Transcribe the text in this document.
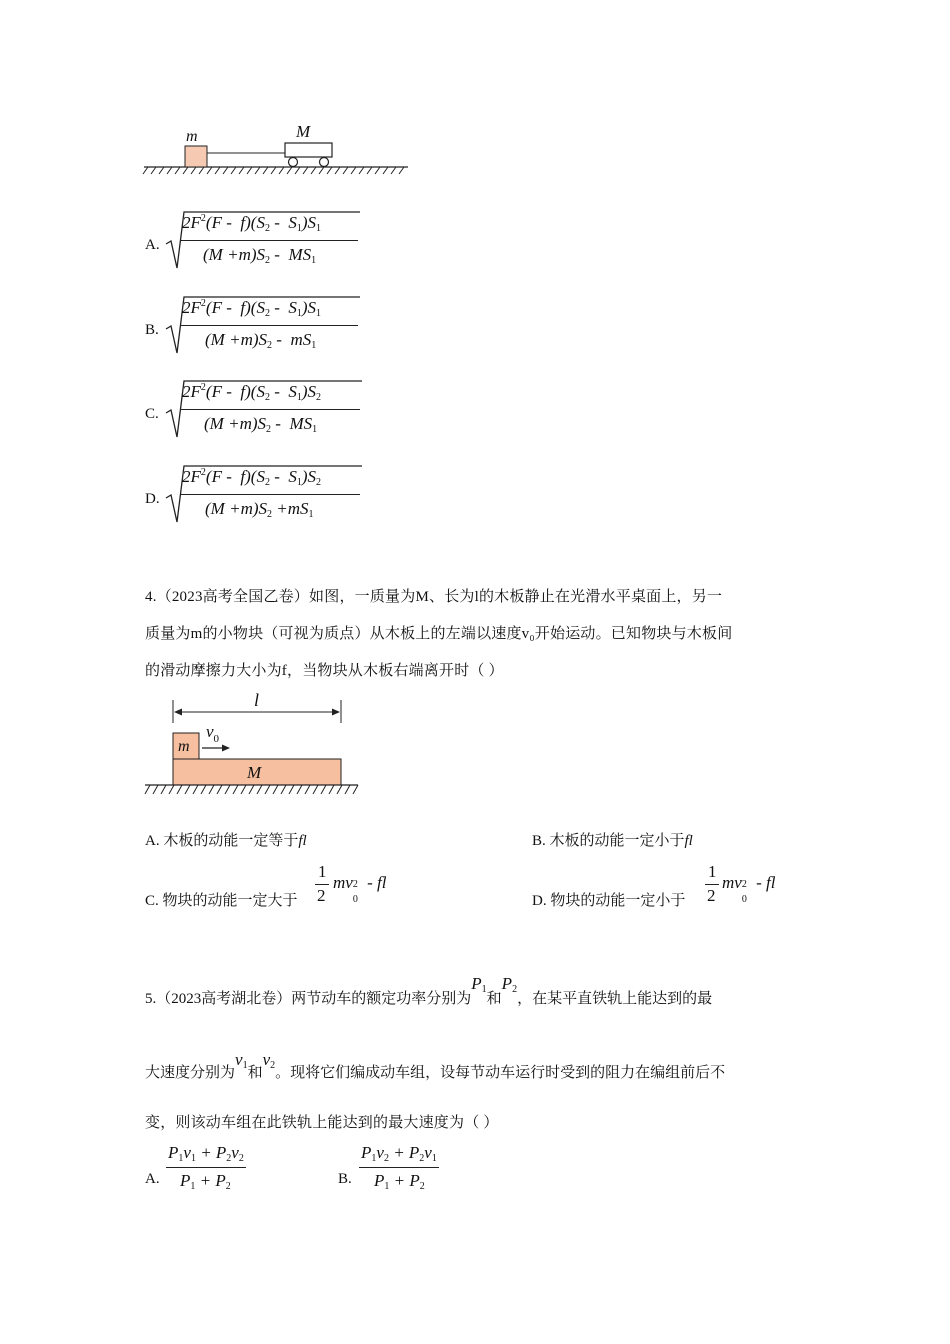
m	M
A.
$2F^2(F - f)(S_2 - S_1)S_1$
$(M +m)S_2 - MS_1$
B.
$2F^2(F - f)(S_2 - S_1)S_1$
$(M +m)S_2 - mS_1$
C.
$2F^2(F - f)(S_2 - S_1)S_2$
$(M +m)S_2 - MS_1$
D.
$2F^2(F - f)(S_2 - S_1)S_2$
$(M +m)S_2 +mS_1$
4.（2023高考全国乙卷）如图，一质量为M、长为l的木板静止在光滑水平桌面上，另一
质量为m的小物块（可视为质点）从木板上的左端以速度v₀开始运动。已知物块与木板间
的滑动摩擦力大小为f，当物块从木板右端离开时（ ）
l
m
M
$v_0$
A. 木板的动能一定等于fl	B. 木板的动能一定小于fl
C. 物块的动能一定大于
1
2
mv 2
0
- fl
D. 物块的动能一定小于
1
2
mv 2
0
- fl
5.（2023高考湖北卷）两节动车的额定功率分别为$P_1$和$P_2$，在某平直铁轨上能达到的最
大速度分别为$v_1$和$v_2$。现将它们编成动车组，设每节动车运行时受到的阻力在编组前后不
变，则该动车组在此铁轨上能达到的最大速度为（ ）
A.
$P_1v_1 + P_2v_2$
$P_1 + P_2$	B.
$P_1v_2 + P_2v_1$
$P_1 + P_2$
